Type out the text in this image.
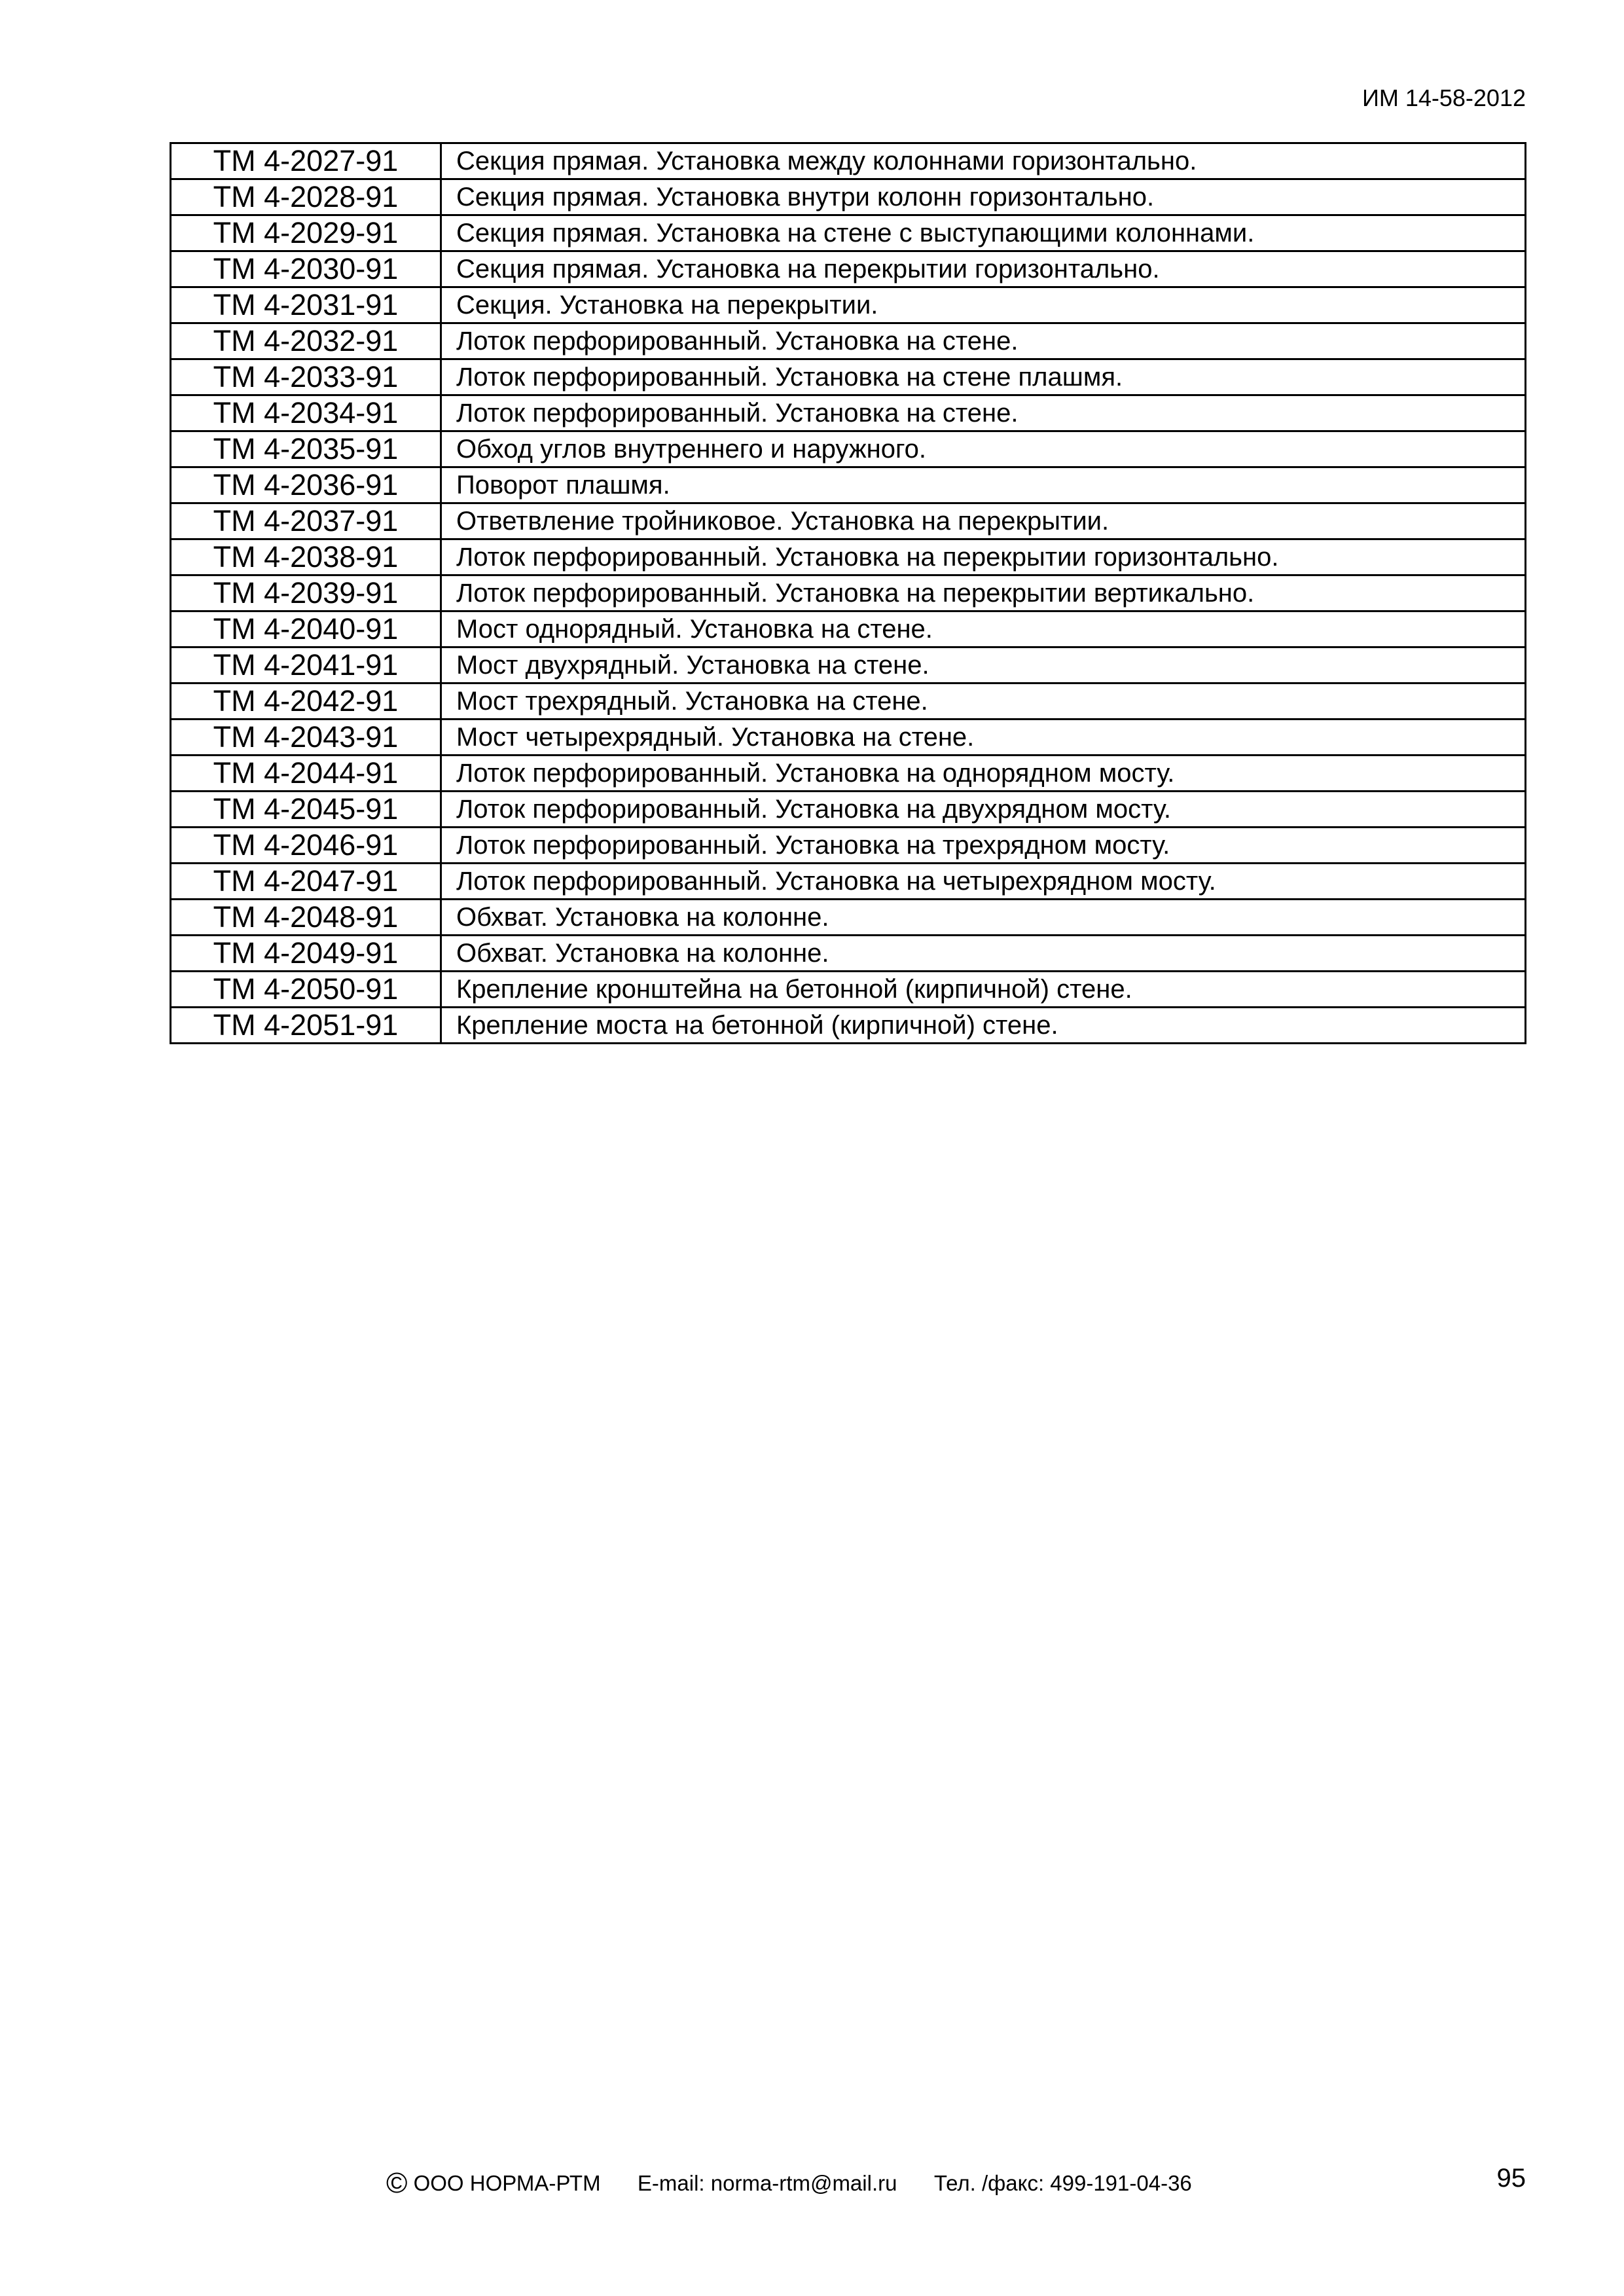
ИМ 14-58-2012
ТМ 4-2027-91	Секция прямая. Установка между колоннами горизонтально.
ТМ 4-2028-91	Секция прямая. Установка внутри колонн горизонтально.
ТМ 4-2029-91	Секция прямая. Установка на стене с выступающими колоннами.
ТМ 4-2030-91	Секция прямая. Установка на перекрытии горизонтально.
ТМ 4-2031-91	Секция. Установка на перекрытии.
ТМ 4-2032-91	Лоток перфорированный. Установка на стене.
ТМ 4-2033-91	Лоток перфорированный. Установка на стене плашмя.
ТМ 4-2034-91	Лоток перфорированный. Установка на стене.
ТМ 4-2035-91	Обход углов внутреннего и наружного.
ТМ 4-2036-91	Поворот плашмя.
ТМ 4-2037-91	Ответвление тройниковое. Установка на перекрытии.
ТМ 4-2038-91	Лоток перфорированный. Установка на перекрытии горизонтально.
ТМ 4-2039-91	Лоток перфорированный. Установка на перекрытии вертикально.
ТМ 4-2040-91	Мост однорядный. Установка на стене.
ТМ 4-2041-91	Мост двухрядный. Установка на стене.
ТМ 4-2042-91	Мост трехрядный. Установка на стене.
ТМ 4-2043-91	Мост четырехрядный. Установка на стене.
ТМ 4-2044-91	Лоток перфорированный. Установка на однорядном мосту.
ТМ 4-2045-91	Лоток перфорированный. Установка на двухрядном мосту.
ТМ 4-2046-91	Лоток перфорированный. Установка на трехрядном мосту.
ТМ 4-2047-91	Лоток перфорированный. Установка на четырехрядном мосту.
ТМ 4-2048-91	Обхват. Установка на колонне.
ТМ 4-2049-91	Обхват. Установка на колонне.
ТМ 4-2050-91	Крепление кронштейна на бетонной (кирпичной) стене.
ТМ 4-2051-91	Крепление моста на бетонной (кирпичной) стене.
© ООО НОРМА-РТМ E-mail: norma-rtm@mail.ru Тел. /факс: 499-191-04-36	95
